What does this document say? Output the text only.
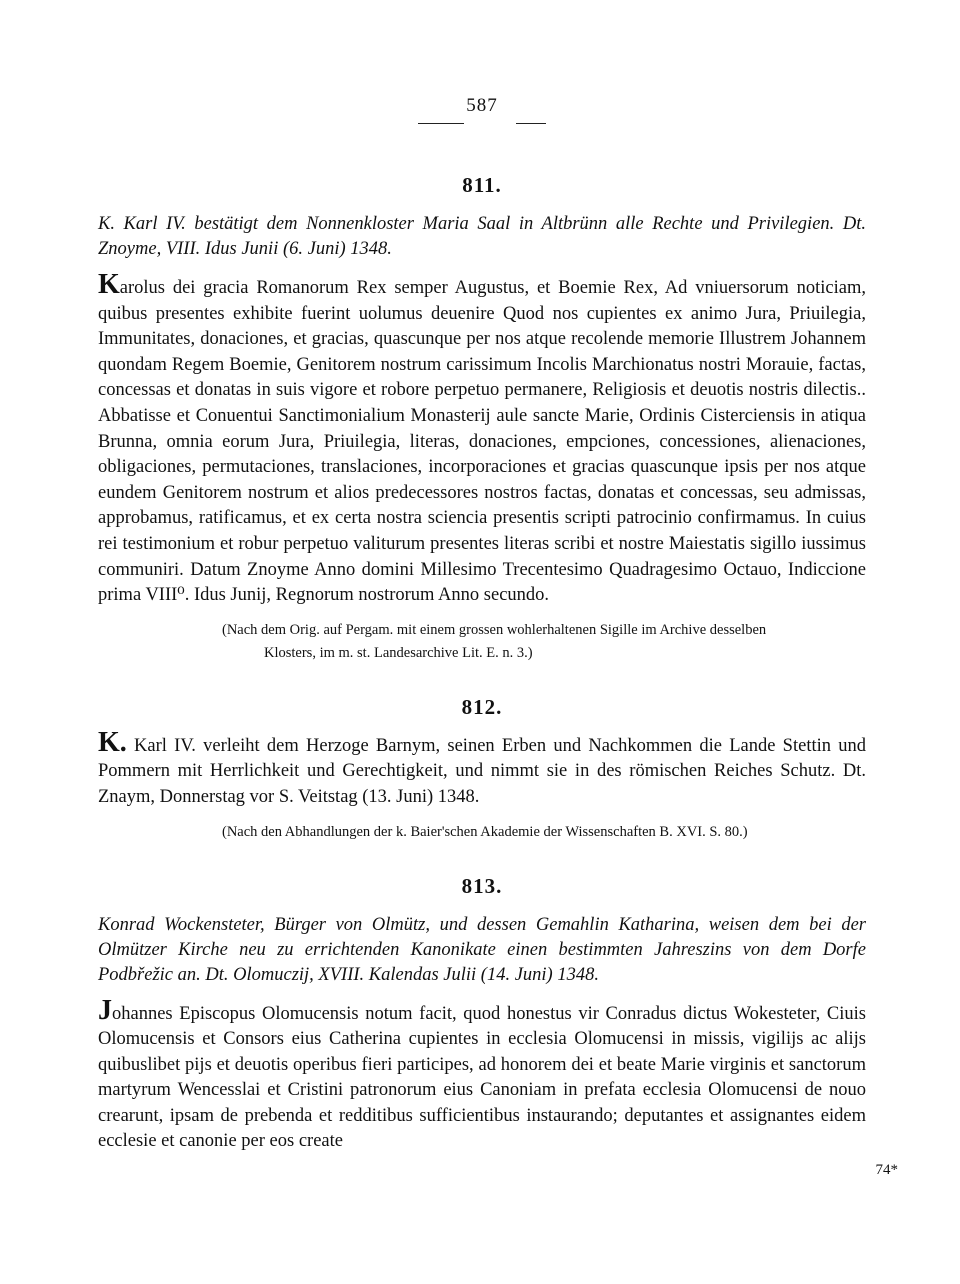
587
811.
K. Karl IV. bestätigt dem Nonnenkloster Maria Saal in Altbrünn alle Rechte und Privilegien. Dt. Znoyme, VIII. Idus Junii (6. Juni) 1348.

Karolus dei gracia Romanorum Rex semper Augustus, et Boemie Rex, Ad vniuersorum noticiam, quibus presentes exhibite fuerint uolumus deuenire Quod nos cupientes ex animo Jura, Priuilegia, Immunitates, donaciones, et gracias, quascunque per nos atque recolende memorie Illustrem Johannem quondam Regem Boemie, Genitorem nostrum carissimum Incolis Marchionatus nostri Morauie, factas, concessas et donatas in suis vigore et robore perpetuo permanere, Religiosis et deuotis nostris dilectis.. Abbatisse et Conuentui Sanctimonialium Monasterij aule sancte Marie, Ordinis Cisterciensis in atiqua Brunna, omnia eorum Jura, Priuilegia, literas, donaciones, empciones, concessiones, alienaciones, obligaciones, permutaciones, translaciones, incorporaciones et gracias quascunque ipsis per nos atque eundem Genitorem nostrum et alios predecessores nostros factas, donatas et concessas, seu admissas, approbamus, ratificamus, et ex certa nostra sciencia presentis scripti patrocinio confirmamus. In cuius rei testimonium et robur perpetuo valiturum presentes literas scribi et nostre Maiestatis sigillo iussimus communiri. Datum Znoyme Anno domini Millesimo Trecentesimo Quadragesimo Octauo, Indiccione prima VIII⁰. Idus Junij, Regnorum nostrorum Anno secundo.

(Nach dem Orig. auf Pergam. mit einem grossen wohlerhaltenen Sigille im Archive desselben
Klosters, im m. st. Landesarchive Lit. E. n. 3.)
812.

K. Karl IV. verleiht dem Herzoge Barnym, seinen Erben und Nachkommen die Lande Stettin und Pommern mit Herrlichkeit und Gerechtigkeit, und nimmt sie in des römischen Reiches Schutz. Dt. Znaym, Donnerstag vor S. Veitstag (13. Juni) 1348.

(Nach den Abhandlungen der k. Baier'schen Akademie der Wissenschaften B. XVI. S. 80.)
813.
Konrad Wockensteter, Bürger von Olmütz, und dessen Gemahlin Katharina, weisen dem bei der Olmützer Kirche neu zu errichtenden Kanonikate einen bestimmten Jahreszins von dem Dorfe Podbřežic an. Dt. Olomuczij, XVIII. Kalendas Julii (14. Juni) 1348.

Johannes Episcopus Olomucensis notum facit, quod honestus vir Conradus dictus Wokesteter, Ciuis Olomucensis et Consors eius Catherina cupientes in ecclesia Olomucensi in missis, vigilijs ac alijs quibuslibet pijs et deuotis operibus fieri participes, ad honorem dei et beate Marie virginis et sanctorum martyrum Wencesslai et Cristini patronorum eius Canoniam in prefata ecclesia Olomucensi de nouo crearunt, ipsam de prebenda et redditibus sufficientibus instaurando; deputantes et assignantes eidem ecclesie et canonie per eos create

74*
